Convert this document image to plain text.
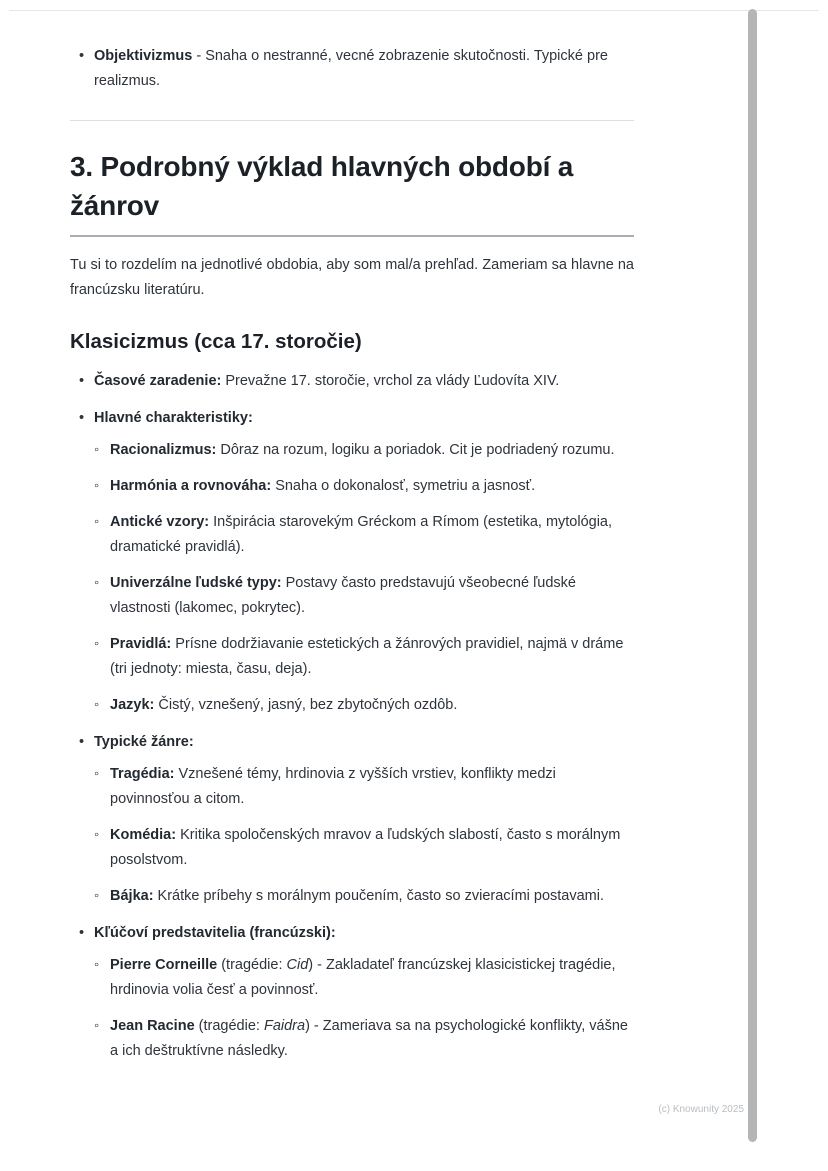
• Objektivizmus - Snaha o nestranné, vecné zobrazenie skutočnosti. Typické pre realizmus.

3. Podrobný výklad hlavných období a žánrov

Tu si to rozdelím na jednotlivé obdobia, aby som mal/a prehľad. Zameriam sa hlavne na francúzsku literatúru.

Klasicizmus (cca 17. storočie)
• Časové zaradenie: Prevažne 17. storočie, vrchol za vlády Ľudovíta XIV.

• Hlavné charakteristiky:

◦ Racionalizmus: Dôraz na rozum, logiku a poriadok. Cit je podriadený rozumu.

◦ Harmónia a rovnováha: Snaha o dokonalosť, symetriu a jasnosť.

◦ Antické vzory: Inšpirácia starovekým Gréckom a Rímom (estetika, mytológia, dramatické pravidlá).

◦ Univerzálne ľudské typy: Postavy často predstavujú všeobecné ľudské vlastnosti (lakomec, pokrytec).

◦ Pravidlá: Prísne dodržiavanie estetických a žánrových pravidiel, najmä v dráme (tri jednoty: miesta, času, deja).

◦ Jazyk: Čistý, vznešený, jasný, bez zbytočných ozdôb.

• Typické žánre:

◦ Tragédia: Vznešené témy, hrdinovia z vyšších vrstiev, konflikty medzi povinnosťou a citom.

◦ Komédia: Kritika spoločenských mravov a ľudských slabostí, často s morálnym posolstvom.

◦ Bájka: Krátke príbehy s morálnym poučením, často so zvieracími postavami.

• Kľúčoví predstavitelia (francúzski):

◦ Pierre Corneille (tragédie: Cid) - Zakladateľ francúzskej klasicistickej tragédie, hrdinovia volia česť a povinnosť.

◦ Jean Racine (tragédie: Faidra) - Zameriava sa na psychologické konflikty, vášne a ich deštruktívne následky.

(c) Knowunity 2025
